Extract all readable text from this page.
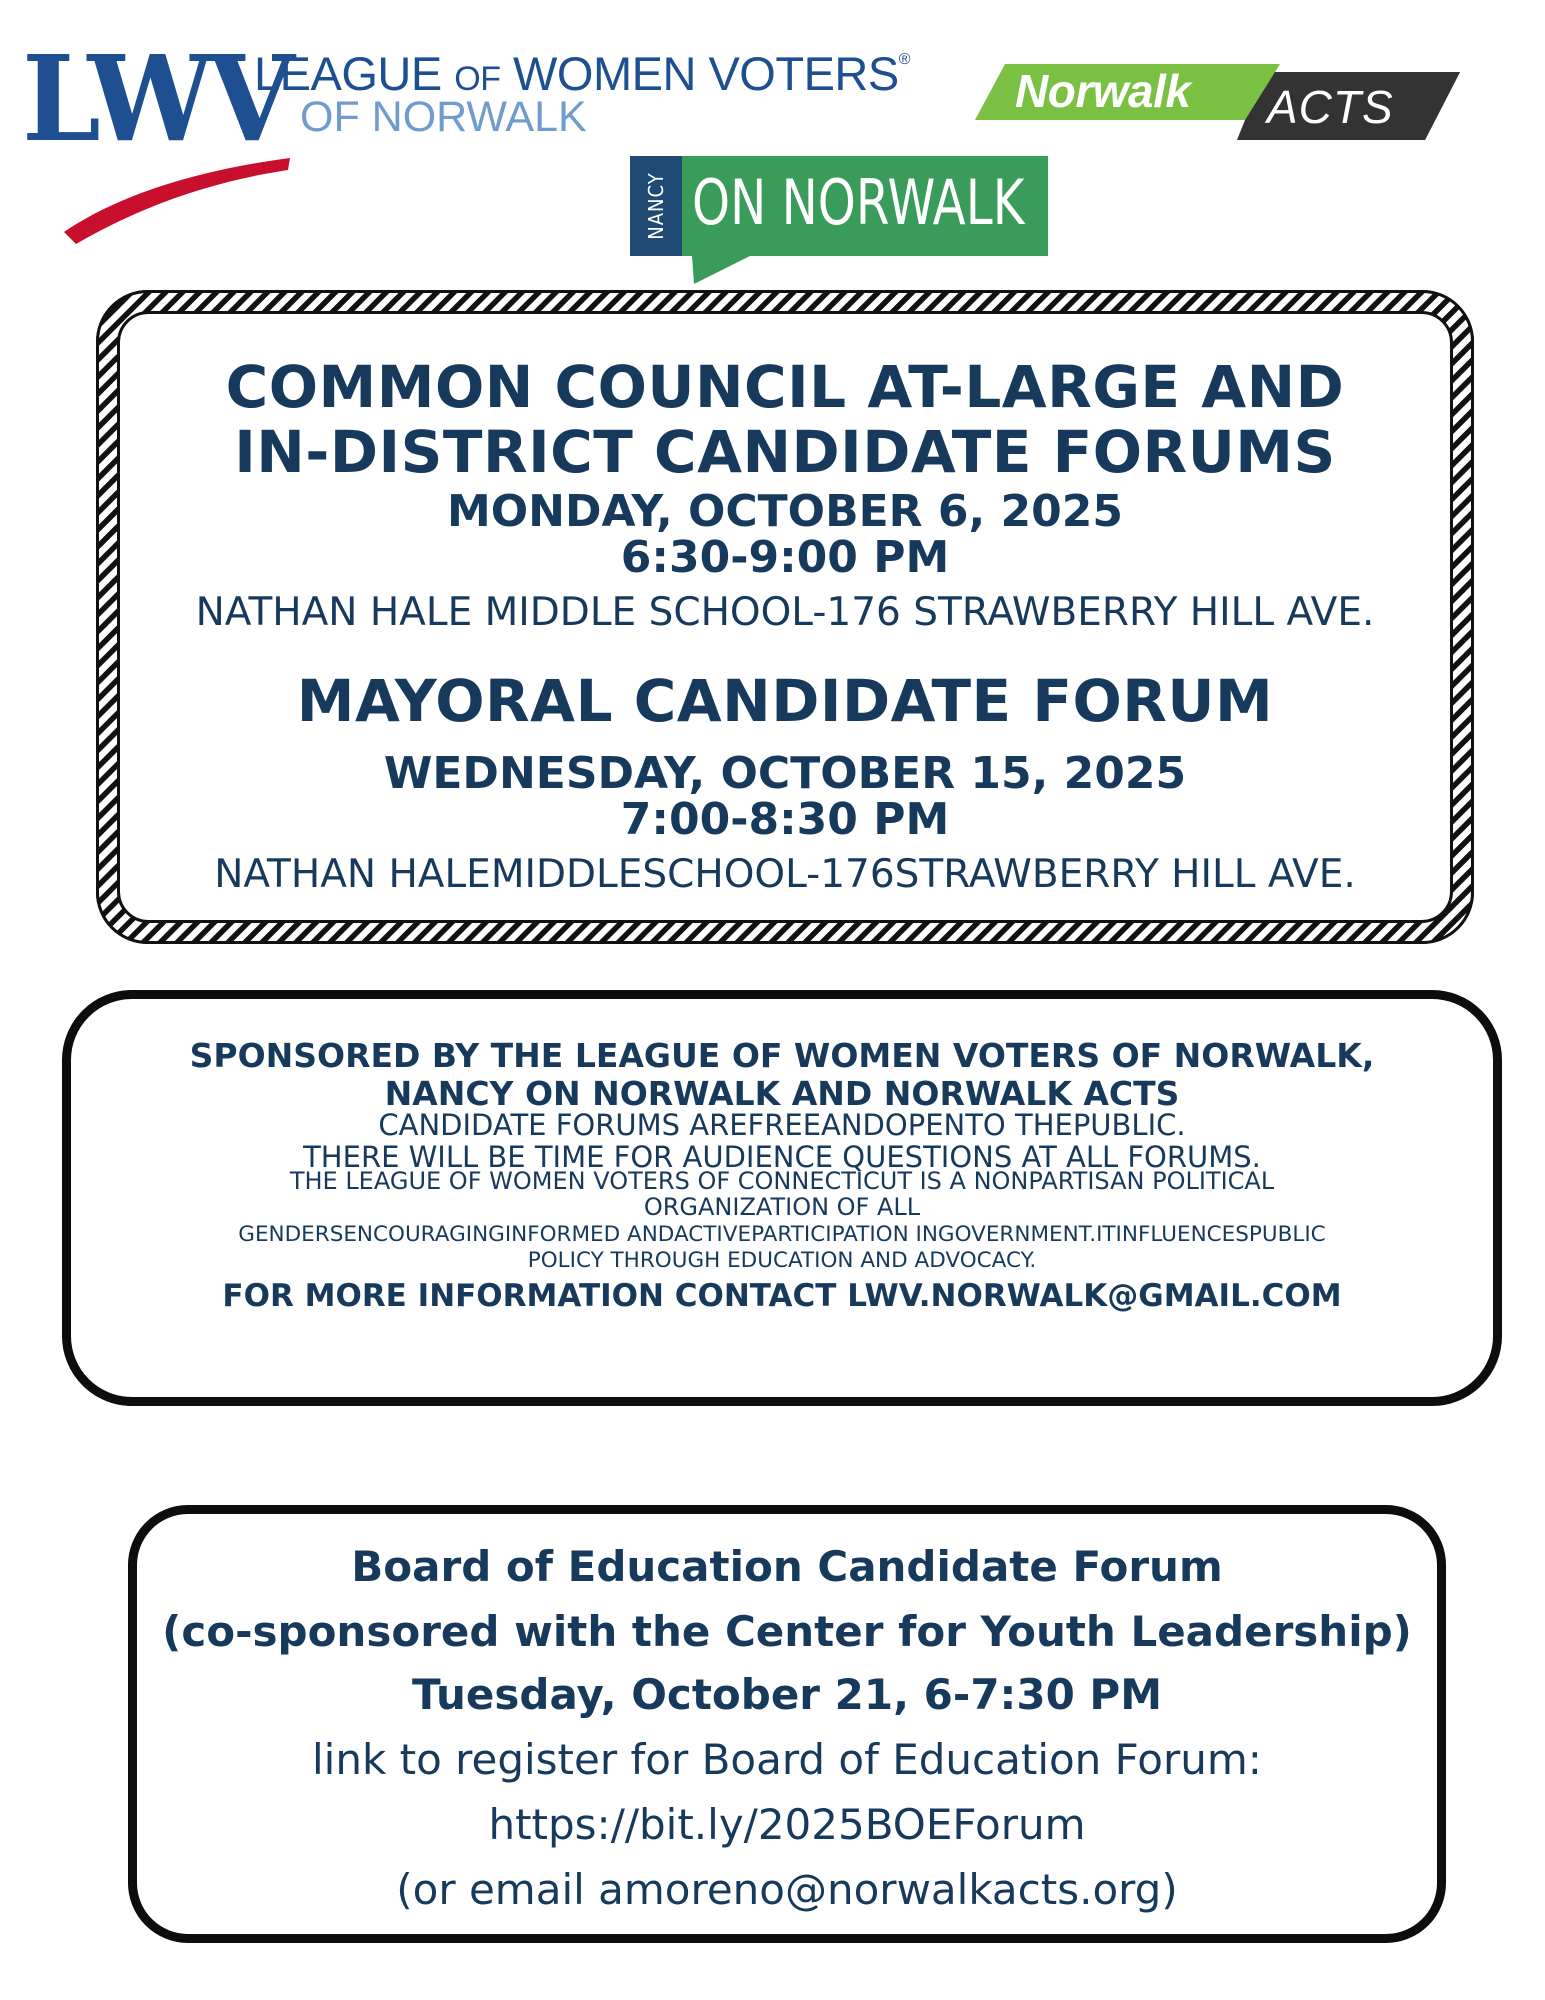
LWV
LEAGUE OF WOMEN VOTERS®
OF NORWALK	Norwalk ACTS
NANCY ON NORWALK
COMMON COUNCIL AT-LARGE AND
IN-DISTRICT CANDIDATE FORUMS
MONDAY, OCTOBER 6, 2025
6:30-9:00 PM
NATHAN HALE MIDDLE SCHOOL-176 STRAWBERRY HILL AVE.
MAYORAL CANDIDATE FORUM
WEDNESDAY, OCTOBER 15, 2025
7:00-8:30 PM
NATHAN HALEMIDDLESCHOOL-176STRAWBERRY HILL AVE.
SPONSORED BY THE LEAGUE OF WOMEN VOTERS OF NORWALK,
NANCY ON NORWALK AND NORWALK ACTS
CANDIDATE FORUMS AREFREEANDOPENTO THEPUBLIC.
THERE WILL BE TIME FOR AUDIENCE QUESTIONS AT ALL FORUMS.
THE LEAGUE OF WOMEN VOTERS OF CONNECTICUT IS A NONPARTISAN POLITICAL
ORGANIZATION OF ALL
GENDERSENCOURAGINGINFORMED ANDACTIVEPARTICIPATION INGOVERNMENT.ITINFLUENCESPUBLIC
POLICY THROUGH EDUCATION AND ADVOCACY.
FOR MORE INFORMATION CONTACT LWV.NORWALK@GMAIL.COM
Board of Education Candidate Forum
(co-sponsored with the Center for Youth Leadership)
Tuesday, October 21, 6-7:30 PM
link to register for Board of Education Forum:
https://bit.ly/2025BOEForum
(or email amoreno@norwalkacts.org)
